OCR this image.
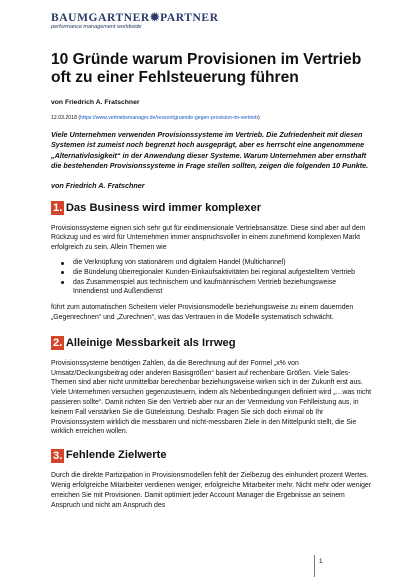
BAUMGARTNER✹PARTNER
performance management worldwide
10 Gründe warum Provisionen im Vertrieb oft zu einer Fehlsteuerung führen
von Friedrich A. Fratschner
12.03.2018 (https://www.vertriebsmanager.de/ressort/gruende-gegen-provision-im-vertrieb)
Viele Unternehmen verwenden Provisionssysteme im Vertrieb. Die Zufriedenheit mit diesen Systemen ist zumeist noch begrenzt hoch ausgeprägt, aber es herrscht eine angenommene „Alternativlosigkeit“ in der Anwendung dieser Systeme. Warum Unternehmen aber ernsthaft die bestehenden Provisionssysteme in Frage stellen sollten, zeigen die folgenden 10 Punkte.
von Friedrich A. Fratschner
1. Das Business wird immer komplexer

Provisionssysteme eignen sich sehr gut für eindimensionale Vertriebsansätze. Diese sind aber auf dem Rückzug und es wird für Unternehmen immer anspruchsvoller in einem zunehmend komplexen Markt erfolgreich zu sein. Allein Themen wie

die Verknüpfung von stationärem und digitalem Handel (Multichannel)
die Bündelung überregionaler Kunden-Einkaufsaktivitäten bei regional aufgestelltem Vertrieb
das Zusammenspiel aus technischem und kaufmännischem Vertrieb beziehungsweise Innendienst und Außendienst

führt zum automatischen Scheitern vieler Provisionsmodelle beziehungsweise zu einem dauernden „Gegenrechnen“ und „Zurechnen“, was das Vertrauen in die Modelle systematisch schwächt.

2. Alleinige Messbarkeit als Irrweg

Provisionssysteme benötigen Zahlen, da die Berechnung auf der Formel „x% von Umsatz/Deckungsbeitrag oder anderen Basisgrößen“ basiert auf rechenbare Größen. Viele Sales-Themen sind aber nicht unmittelbar berechenbar beziehungsweise wirken sich in der Zukunft erst aus. Viele Unternehmen versuchen gegenzusteuern, indem als Nebenbedingungen definiert wird „…was nicht passieren sollte“. Damit richten Sie den Vertrieb aber nur an der Vermeidung von Fehlleistung aus, in keinem Fall verstärken Sie die Güteleistung. Deshalb: Fragen Sie sich doch einmal ob Ihr Provisionssystem wirklich die messbaren und nicht-messbaren Ziele in den Mittelpunkt stellt, die Sie wirklich erreichen wollen.

3. Fehlende Zielwerte

Durch die direkte Partizipation in Provisionsmodellen fehlt der Zielbezug des einhundert prozent Wertes. Wenig erfolgreiche Mitarbeiter verdienen weniger, erfolgreiche Mitarbeiter mehr. Nicht mehr oder weniger erreichen Sie mit Provisionen. Damit optimiert jeder Account Manager die Ergebnisse an seinem Anspruch und nicht am Anspruch des

1
